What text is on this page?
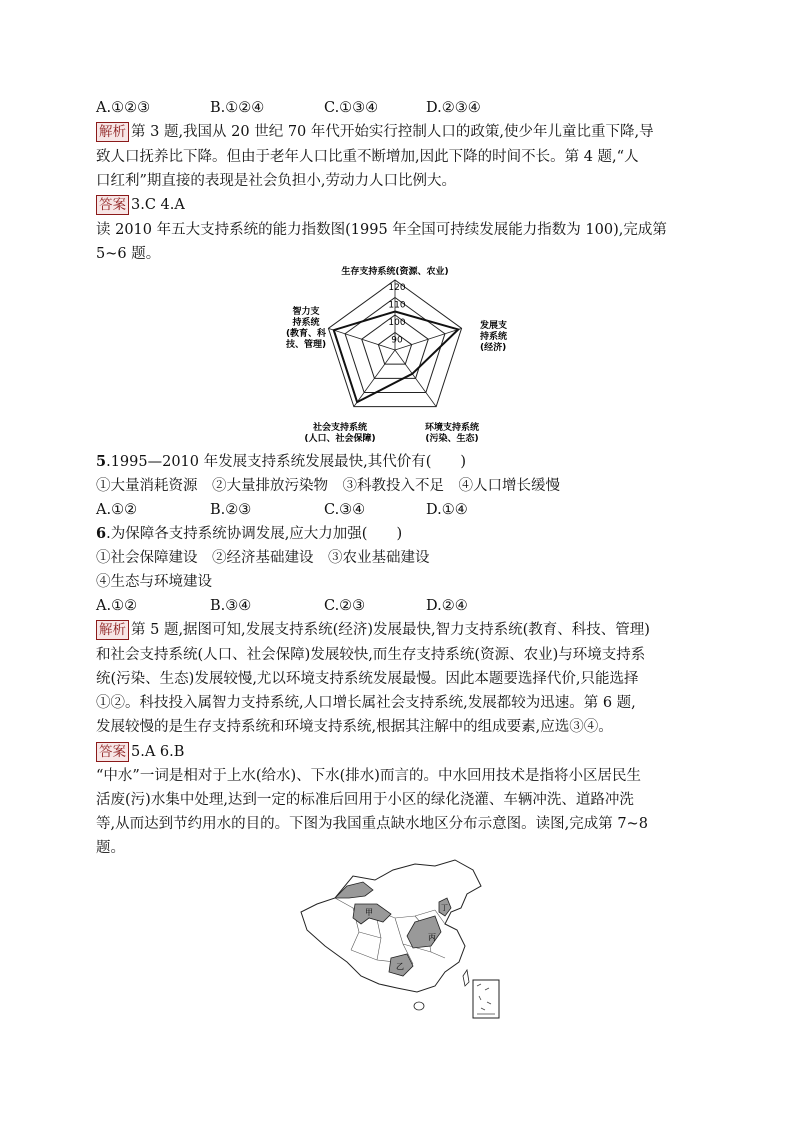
A.①②③	B.①②④	C.①③④	D.②③④
解析 第 3 题,我国从 20 世纪 70 年代开始实行控制人口的政策,使少年儿童比重下降,导
致人口抚养比下降。但由于老年人口比重不断增加,因此下降的时间不长。第 4 题,“人
口红利”期直接的表现是社会负担小,劳动力人口比例大。
答案 3.C 4.A
读 2010 年五大支持系统的能力指数图(1995 年全国可持续发展能力指数为 100),完成第
5~6 题。
120
110
100
90
生存支持系统(资源、农业)
发展支
持系统
(经济)
环境支持系统
(污染、生态)
社会支持系统
(人口、社会保障)
智力支
持系统
(教育、科
技、管理)
5.1995—2010 年发展支持系统发展最快,其代价有(　　)
①大量消耗资源　②大量排放污染物　③科教投入不足　④人口增长缓慢
A.①②	B.②③	C.③④	D.①④
6.为保障各支持系统协调发展,应大力加强(　　)
①社会保障建设　②经济基础建设　③农业基础建设
④生态与环境建设
A.①②	B.③④	C.②③	D.②④
解析 第 5 题,据图可知,发展支持系统(经济)发展最快,智力支持系统(教育、科技、管理)
和社会支持系统(人口、社会保障)发展较快,而生存支持系统(资源、农业)与环境支持系
统(污染、生态)发展较慢,尤以环境支持系统发展最慢。因此本题要选择代价,只能选择
①②。科技投入属智力支持系统,人口增长属社会支持系统,发展都较为迅速。第 6 题,
发展较慢的是生存支持系统和环境支持系统,根据其注解中的组成要素,应选③④。
答案 5.A 6.B
“中水”一词是相对于上水(给水)、下水(排水)而言的。中水回用技术是指将小区居民生
活废(污)水集中处理,达到一定的标准后回用于小区的绿化浇灌、车辆冲洗、道路冲洗
等,从而达到节约用水的目的。下图为我国重点缺水地区分布示意图。读图,完成第 7~8
题。
甲
乙
丙
丁
